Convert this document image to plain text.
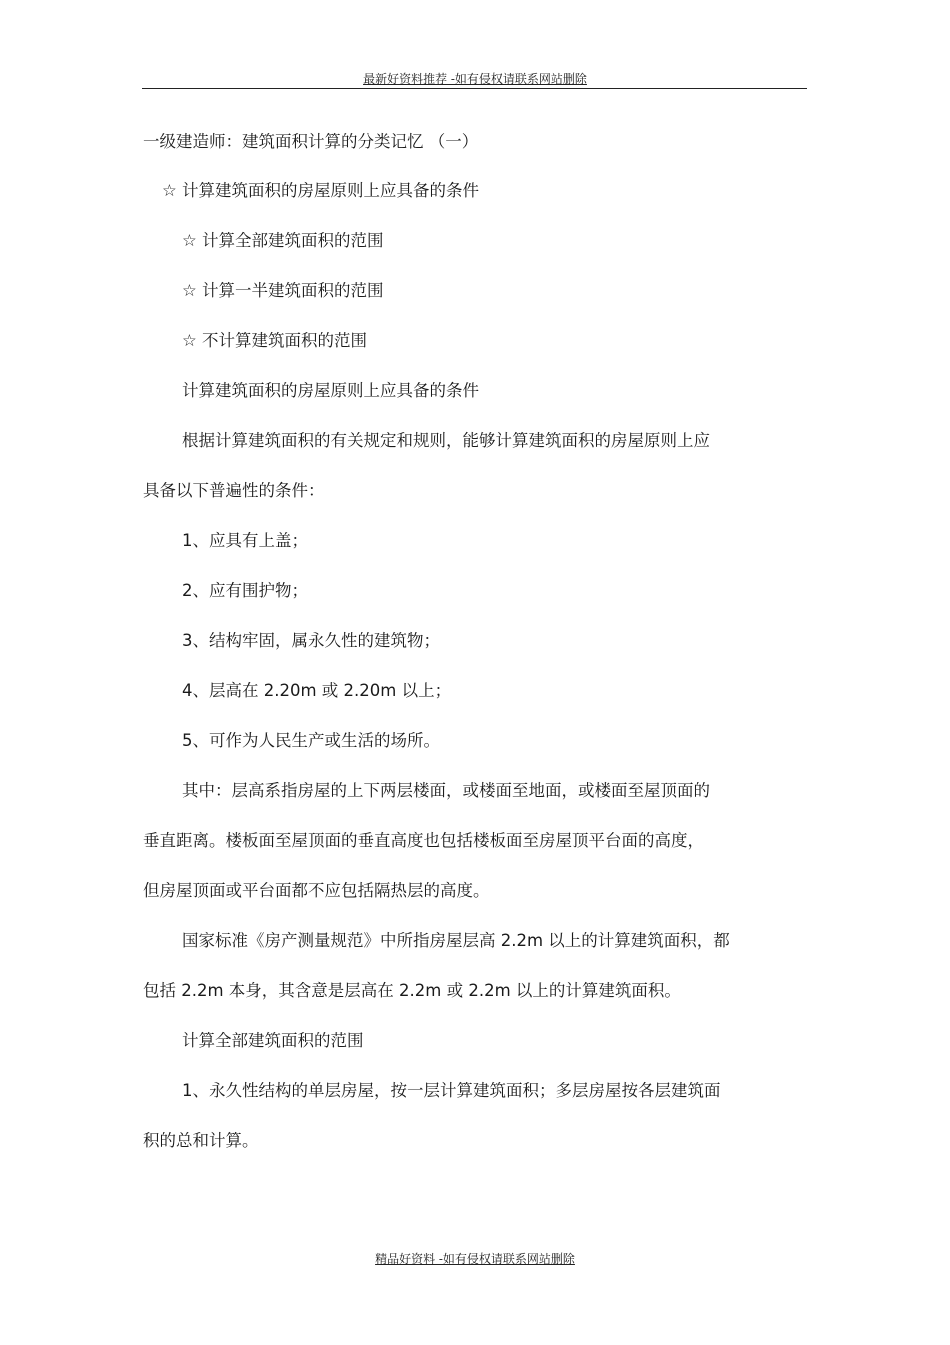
最新好资料推荐 -如有侵权请联系网站删除
一级建造师：建筑面积计算的分类记忆 （一）
☆ 计算建筑面积的房屋原则上应具备的条件
☆ 计算全部建筑面积的范围
☆ 计算一半建筑面积的范围
☆ 不计算建筑面积的范围
计算建筑面积的房屋原则上应具备的条件
根据计算建筑面积的有关规定和规则，能够计算建筑面积的房屋原则上应
具备以下普遍性的条件：
1、应具有上盖；
2、应有围护物；
3、结构牢固，属永久性的建筑物；
4、层高在 2.20m 或 2.20m 以上；
5、可作为人民生产或生活的场所。
其中：层高系指房屋的上下两层楼面，或楼面至地面，或楼面至屋顶面的
垂直距离。楼板面至屋顶面的垂直高度也包括楼板面至房屋顶平台面的高度，
但房屋顶面或平台面都不应包括隔热层的高度。
国家标准《房产测量规范》中所指房屋层高 2.2m 以上的计算建筑面积，都
包括 2.2m 本身，其含意是层高在 2.2m 或 2.2m 以上的计算建筑面积。
计算全部建筑面积的范围
1、永久性结构的单层房屋，按一层计算建筑面积；多层房屋按各层建筑面
积的总和计算。
精品好资料 -如有侵权请联系网站删除
